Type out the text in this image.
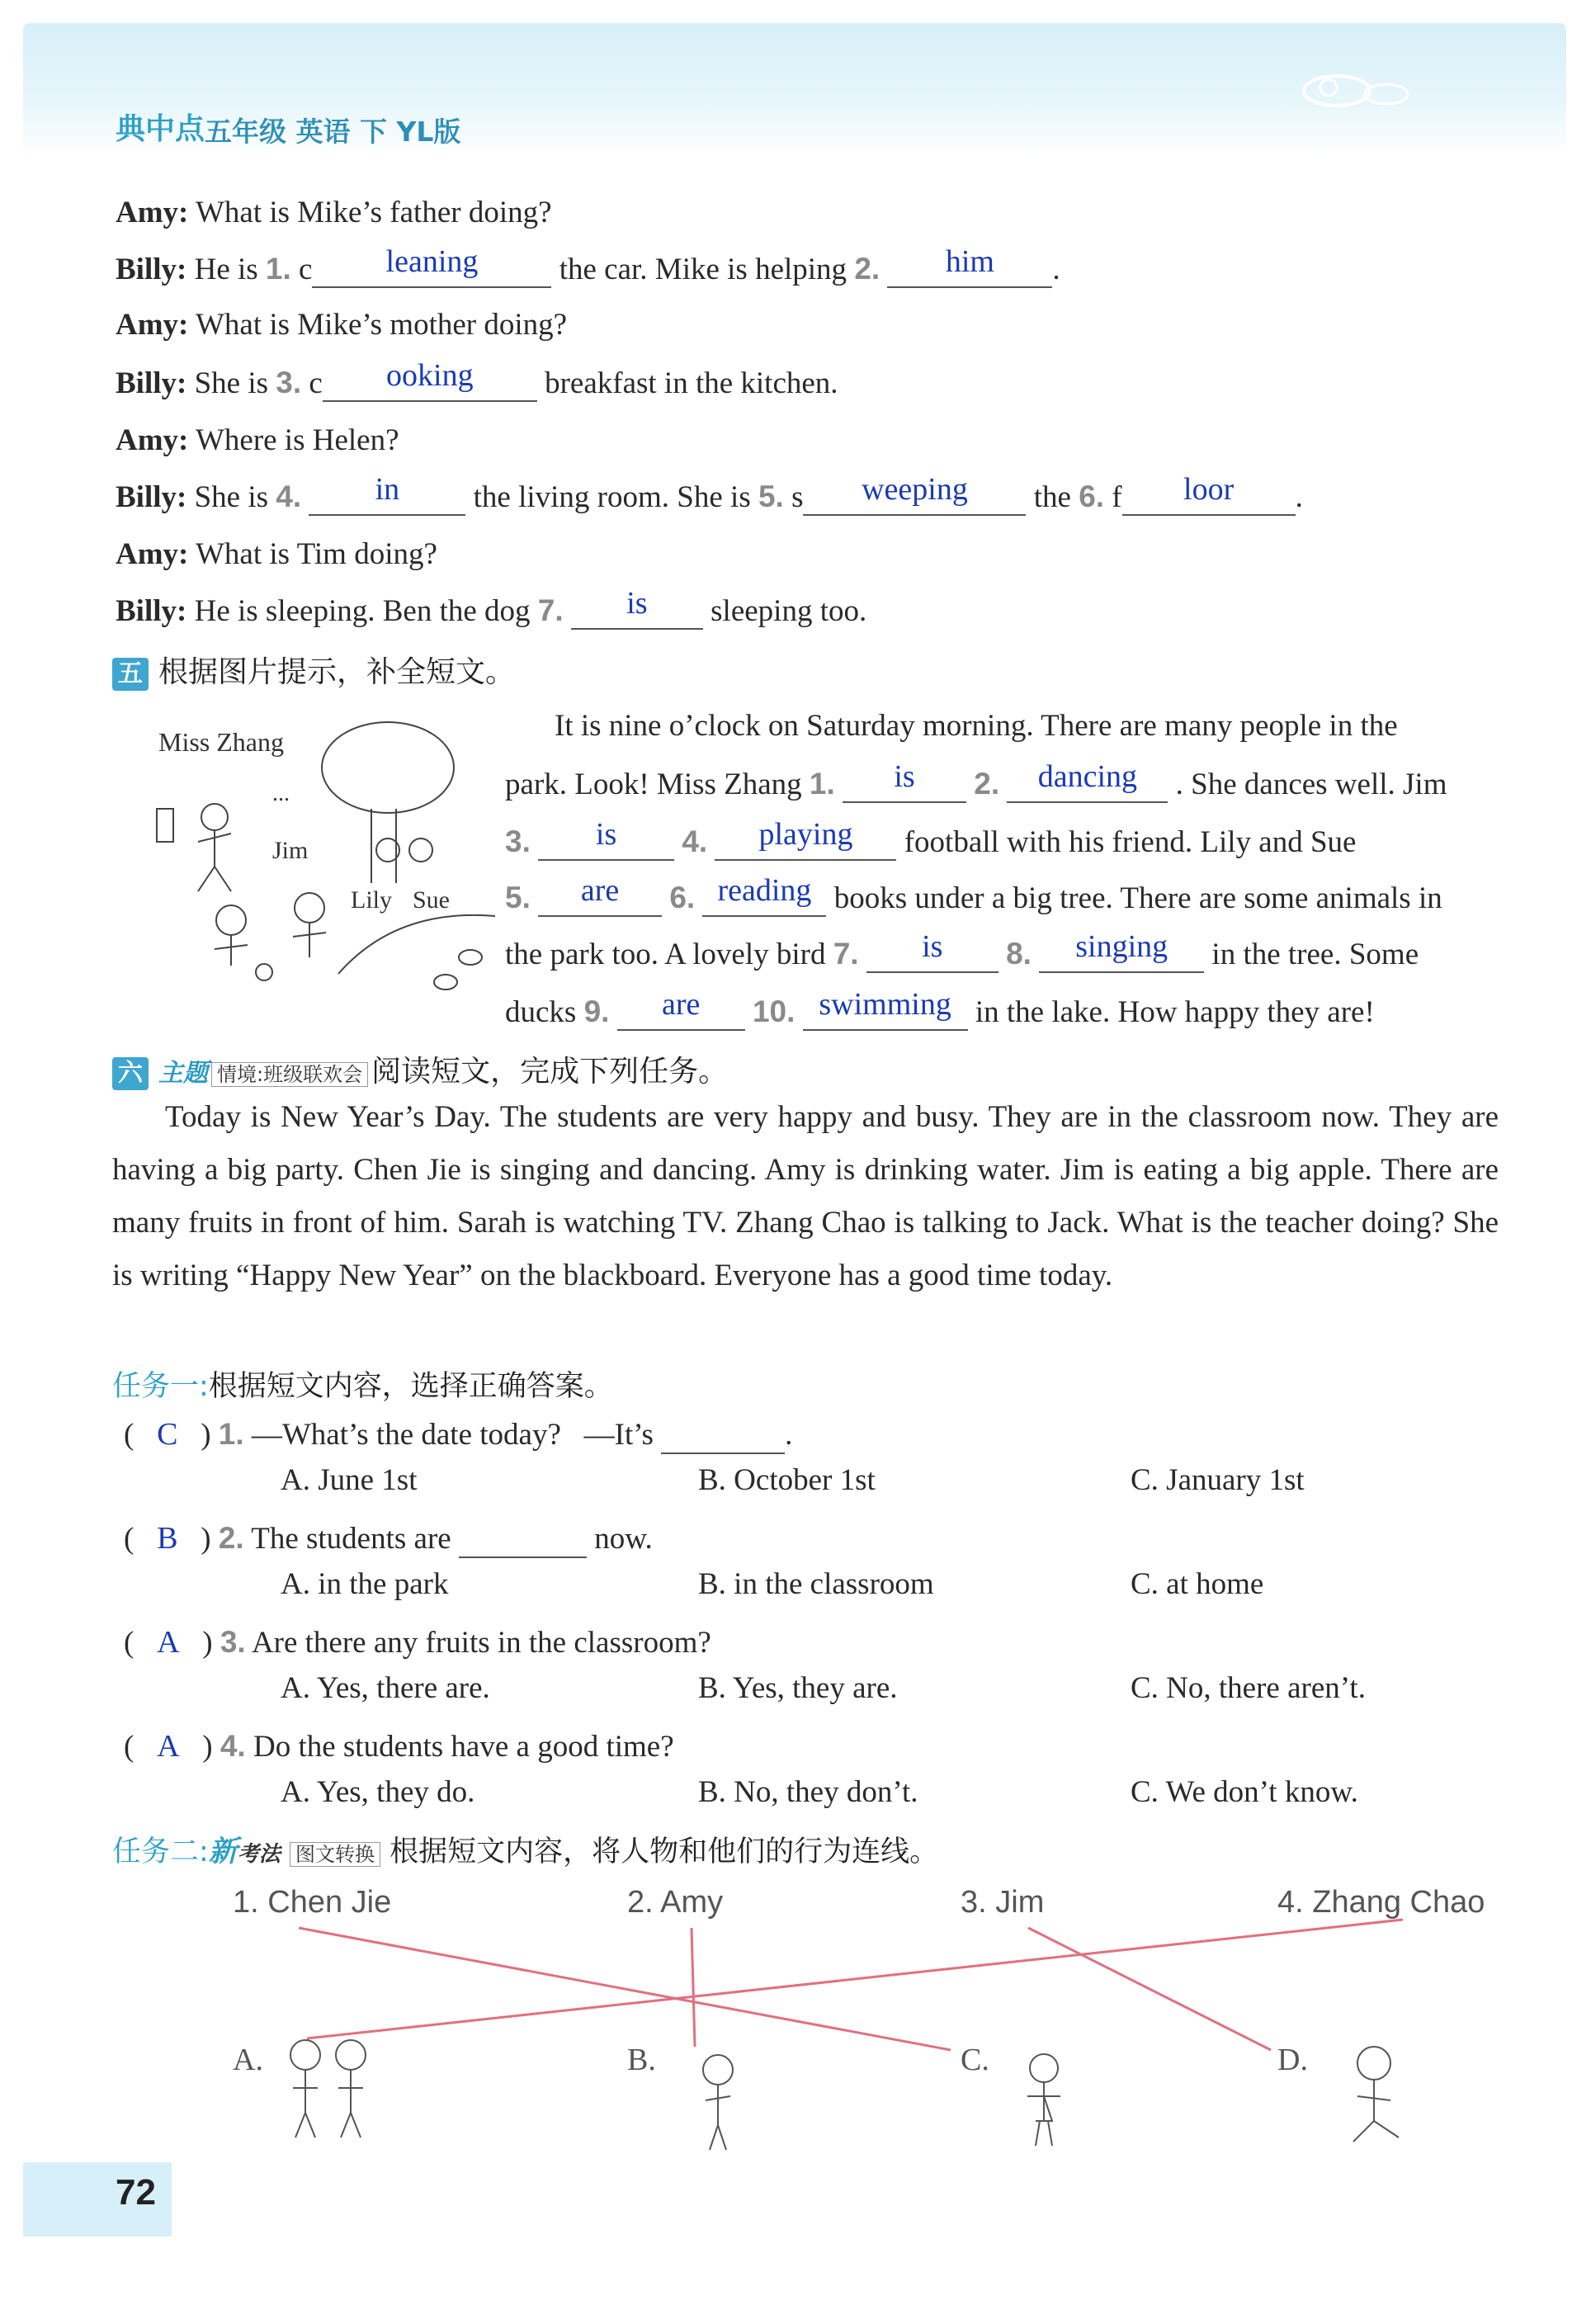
典中点 五年级 英语 下 YL版
Amy: What is Mike’s father doing?
Billy: He is 1. c leaning	the car. Mike is helping 2. him .
Amy: What is Mike’s mother doing?
Billy: She is 3. c ooking breakfast in the kitchen.
Amy: Where is Helen?
Billy: She is 4. in the living room. She is 5. s weeping the 6. f loor .
Amy: What is Tim doing?
Billy: He is sleeping. Ben the dog 7. is sleeping too.
五 根据图片提示，补全短文。
Miss Zhang
...
Jim
Lily Sue
It is nine o’clock on Saturday morning. There are many people in the
park. Look! Miss Zhang 1. is 2. dancing . She dances well. Jim
3. is 4. playing football with his friend. Lily and Sue
5. are 6. reading books under a big tree. There are some animals in
the park too. A lovely bird 7. is 8. singing in the tree. Some
ducks 9. are 10. swimming in the lake. How happy they are!
六 主题 情境:班级联欢会 阅读短文，完成下列任务。
Today is New Year’s Day. The students are very happy and busy. They are in the classroom now. They are having a big party. Chen Jie is singing and dancing. Amy is drinking water. Jim is eating a big apple. There are many fruits in front of him. Sarah is watching TV. Zhang Chao is talking to Jack. What is the teacher doing? She is writing “Happy New Year” on the blackboard. Everyone has a good time today.
任务一:根据短文内容，选择正确答案。
( C ) 1. —What’s the date today? —It’s	.
A. June 1st	B. October 1st	C. January 1st
( B ) 2. The students are	now.
A. in the park	B. in the classroom	C. at home
( A ) 3. Are there any fruits in the classroom?
A. Yes, there are.	B. Yes, they are.	C. No, there aren’t.
( A ) 4. Do the students have a good time?
A. Yes, they do.	B. No, they don’t.	C. We don’t know.
任务二:新考法 图文转换 根据短文内容，将人物和他们的行为连线。
1. Chen Jie	2. Amy	3. Jim	4. Zhang Chao
A.	B.	C.	D.
72
